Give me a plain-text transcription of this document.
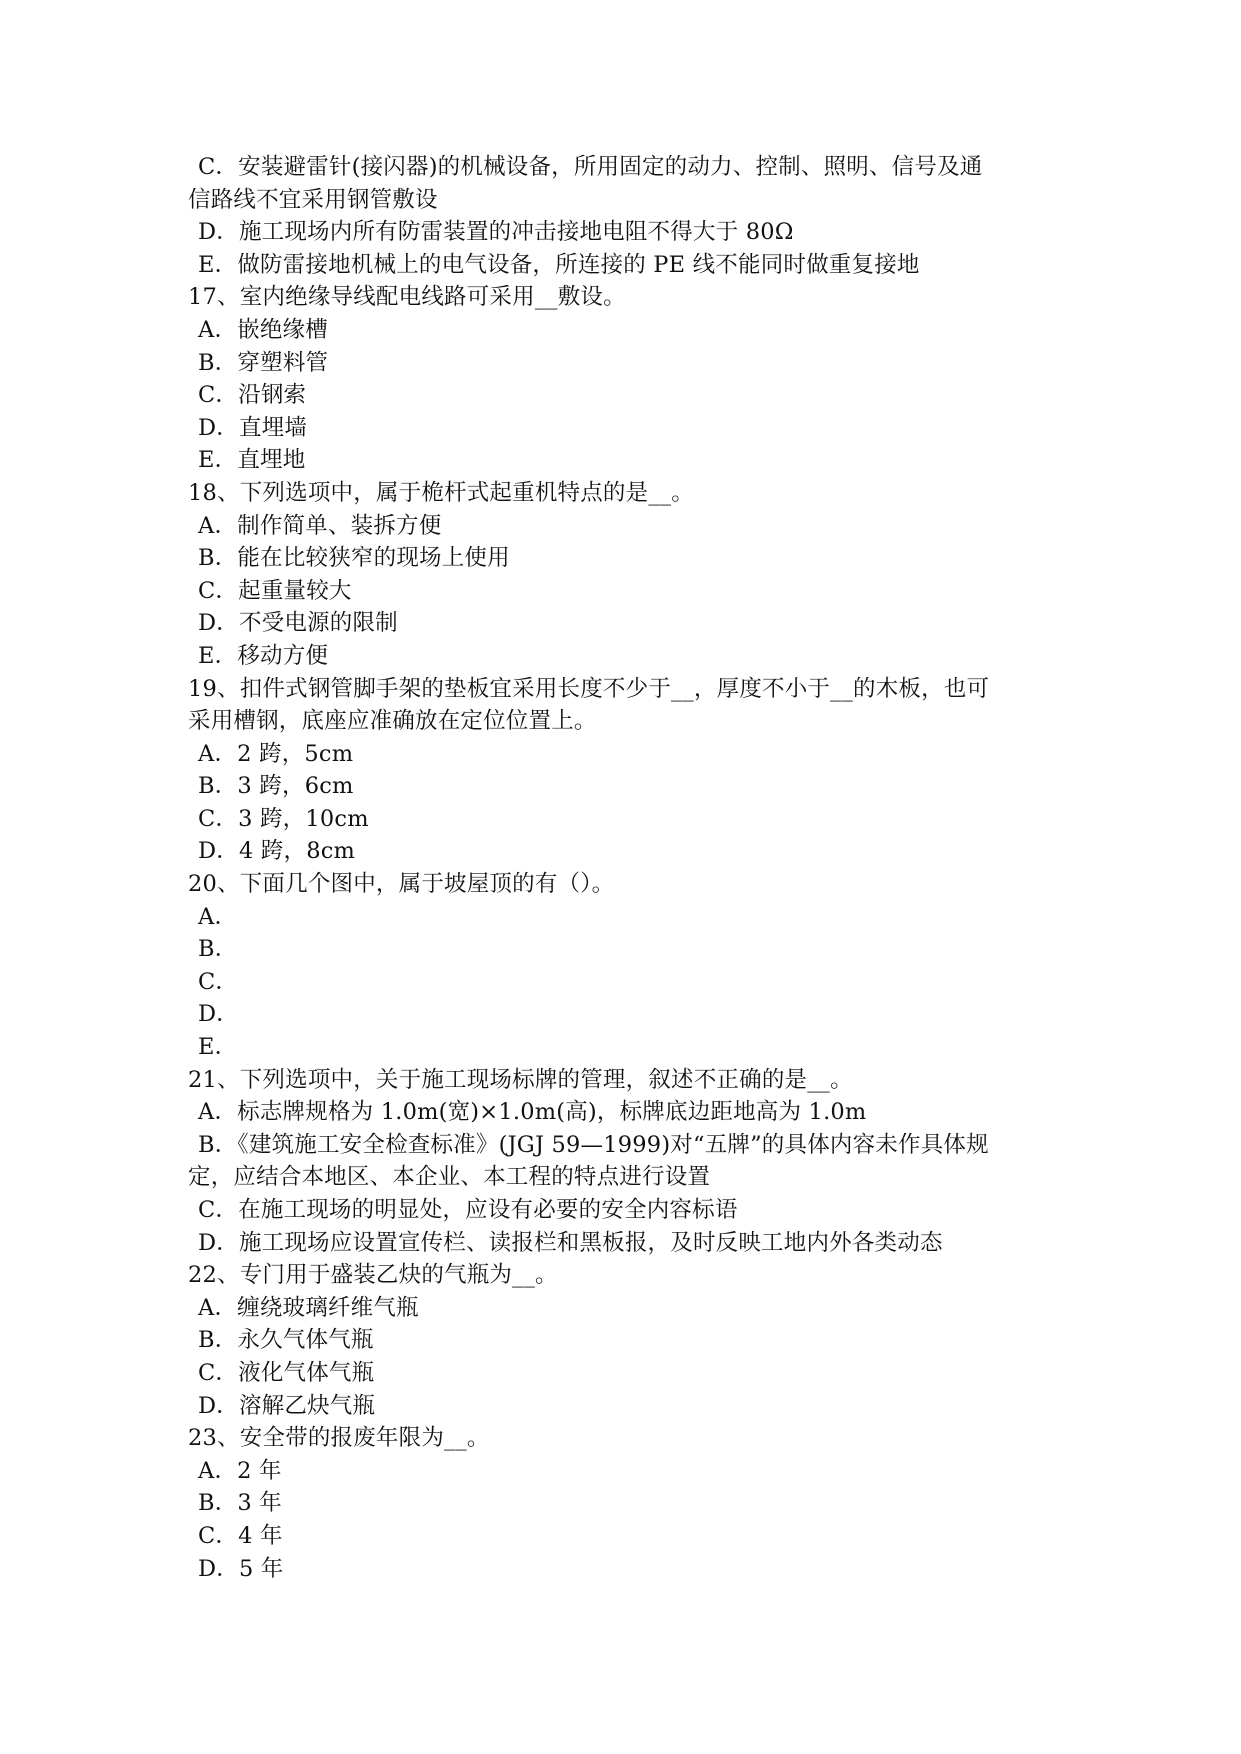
C．安装避雷针(接闪器)的机械设备，所用固定的动力、控制、照明、信号及通
信路线不宜采用钢管敷设
D．施工现场内所有防雷装置的冲击接地电阻不得大于 80Ω
E．做防雷接地机械上的电气设备，所连接的 PE 线不能同时做重复接地
17、室内绝缘导线配电线路可采用__敷设。
A．嵌绝缘槽
B．穿塑料管
C．沿钢索
D．直埋墙
E．直埋地
18、下列选项中，属于桅杆式起重机特点的是__。
A．制作简单、装拆方便
B．能在比较狭窄的现场上使用
C．起重量较大
D．不受电源的限制
E．移动方便
19、扣件式钢管脚手架的垫板宜采用长度不少于__，厚度不小于__的木板，也可
采用槽钢，底座应准确放在定位位置上。
A．2 跨，5cm
B．3 跨，6cm
C．3 跨，10cm
D．4 跨，8cm
20、下面几个图中，属于坡屋顶的有（）。
A．
B．
C．
D．
E．
21、下列选项中，关于施工现场标牌的管理，叙述不正确的是__。
A．标志牌规格为 1.0m(宽)×1.0m(高)，标牌底边距地高为 1.0m
B．《建筑施工安全检查标准》(JGJ 59—1999)对“五牌”的具体内容未作具体规
定，应结合本地区、本企业、本工程的特点进行设置
C．在施工现场的明显处，应设有必要的安全内容标语
D．施工现场应设置宣传栏、读报栏和黑板报，及时反映工地内外各类动态
22、专门用于盛装乙炔的气瓶为__。
A．缠绕玻璃纤维气瓶
B．永久气体气瓶
C．液化气体气瓶
D．溶解乙炔气瓶
23、安全带的报废年限为__。
A．2 年
B．3 年
C．4 年
D．5 年
